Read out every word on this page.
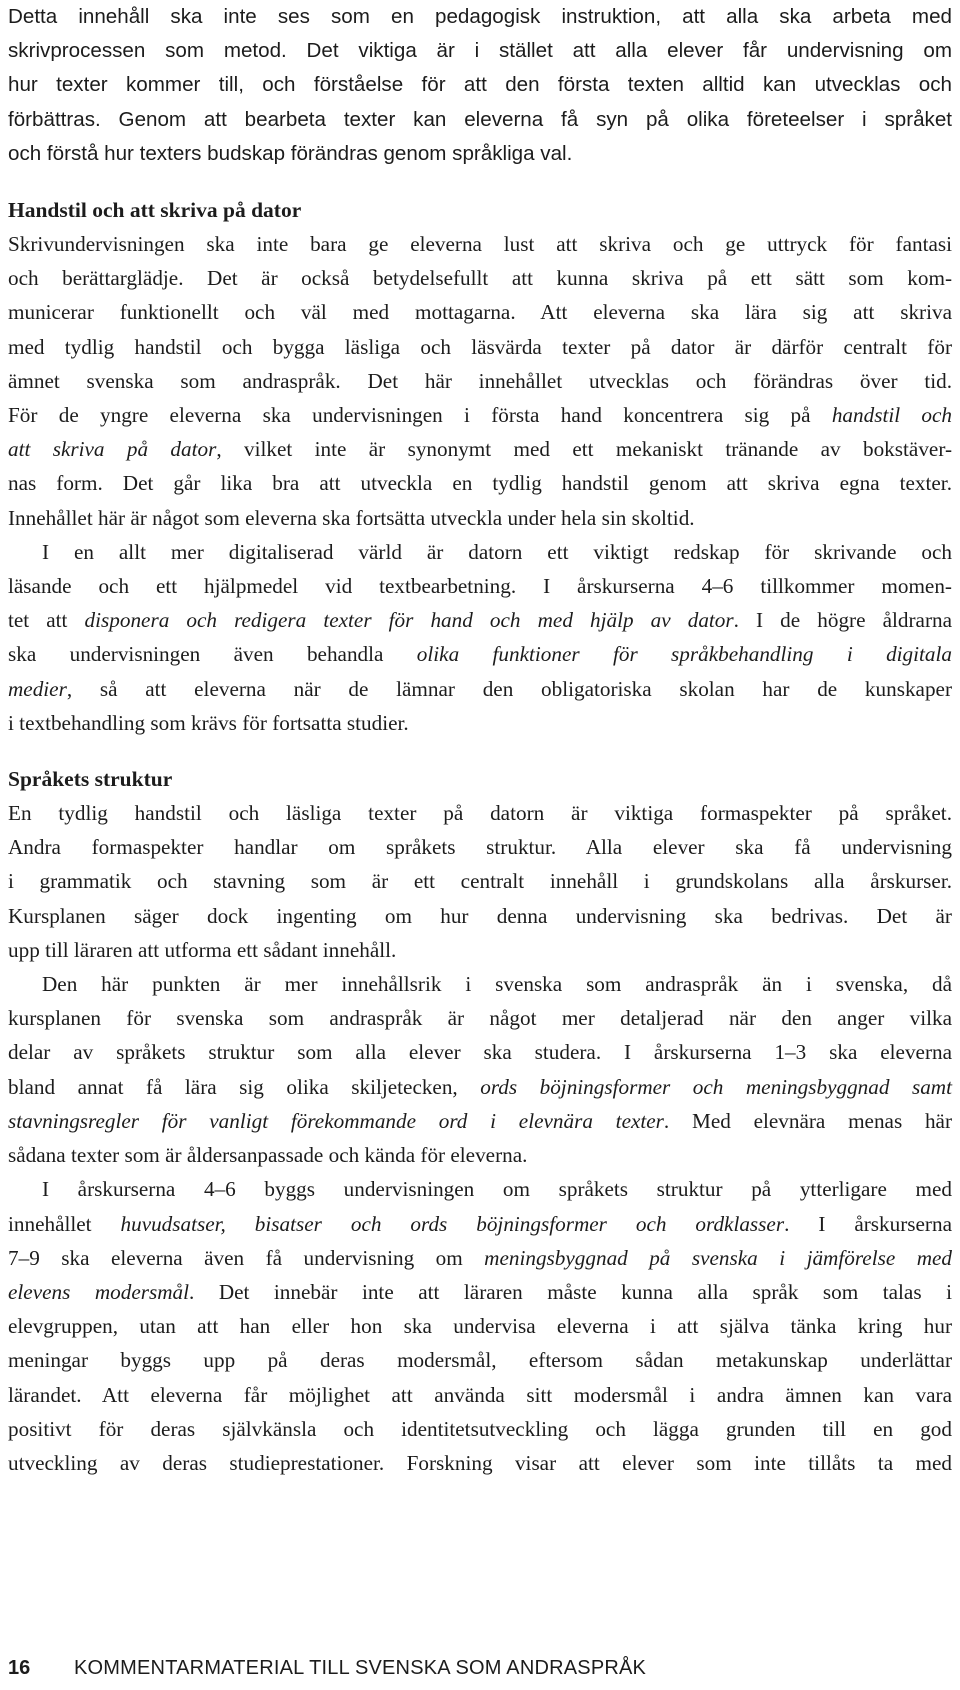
Detta innehåll ska inte ses som en pedagogisk instruktion, att alla ska arbeta med
skrivprocessen som metod. Det viktiga är i stället att alla elever får undervisning om
hur texter kommer till, och förståelse för att den första texten alltid kan utvecklas och
förbättras. Genom att bearbeta texter kan eleverna få syn på olika företeelser i språket
och förstå hur texters budskap förändras genom språkliga val.

Handstil och att skriva på dator

Skrivundervisningen ska inte bara ge eleverna lust att skriva och ge uttryck för fantasi
och berättarglädje. Det är också betydelsefullt att kunna skriva på ett sätt som kom-
municerar funktionellt och väl med mottagarna. Att eleverna ska lära sig att skriva
med tydlig handstil och bygga läsliga och läsvärda texter på dator är därför centralt för
ämnet svenska som andraspråk. Det här innehållet utvecklas och förändras över tid.
För de yngre eleverna ska undervisningen i första hand koncentrera sig på handstil och
att skriva på dator, vilket inte är synonymt med ett mekaniskt tränande av bokstäver-
nas form. Det går lika bra att utveckla en tydlig handstil genom att skriva egna texter.
Innehållet här är något som eleverna ska fortsätta utveckla under hela sin skoltid.

I en allt mer digitaliserad värld är datorn ett viktigt redskap för skrivande och
läsande och ett hjälpmedel vid textbearbetning. I årskurserna 4–6 tillkommer momen-
tet att disponera och redigera texter för hand och med hjälp av dator. I de högre åldrarna
ska undervisningen även behandla olika funktioner för språkbehandling i digitala
medier, så att eleverna när de lämnar den obligatoriska skolan har de kunskaper
i textbehandling som krävs för fortsatta studier.

Språkets struktur

En tydlig handstil och läsliga texter på datorn är viktiga formaspekter på språket.
Andra formaspekter handlar om språkets struktur. Alla elever ska få undervisning
i grammatik och stavning som är ett centralt innehåll i grundskolans alla årskurser.
Kursplanen säger dock ingenting om hur denna undervisning ska bedrivas. Det är
upp till läraren att utforma ett sådant innehåll.

Den här punkten är mer innehållsrik i svenska som andraspråk än i svenska, då
kursplanen för svenska som andraspråk är något mer detaljerad när den anger vilka
delar av språkets struktur som alla elever ska studera. I årskurserna 1–3 ska eleverna
bland annat få lära sig olika skiljetecken, ords böjningsformer och meningsbyggnad samt
stavningsregler för vanligt förekommande ord i elevnära texter. Med elevnära menas här
sådana texter som är åldersanpassade och kända för eleverna.

I årskurserna 4–6 byggs undervisningen om språkets struktur på ytterligare med
innehållet huvudsatser, bisatser och ords böjningsformer och ordklasser. I årskurserna
7–9 ska eleverna även få undervisning om meningsbyggnad på svenska i jämförelse med
elevens modersmål. Det innebär inte att läraren måste kunna alla språk som talas i
elevgruppen, utan att han eller hon ska undervisa eleverna i att själva tänka kring hur
meningar byggs upp på deras modersmål, eftersom sådan metakunskap underlättar
lärandet. Att eleverna får möjlighet att använda sitt modersmål i andra ämnen kan vara
positivt för deras självkänsla och identitetsutveckling och lägga grunden till en god
utveckling av deras studieprestationer. Forskning visar att elever som inte tillåts ta med

16 KOMMENTARMATERIAL TILL SVENSKA SOM ANDRASPRÅK
